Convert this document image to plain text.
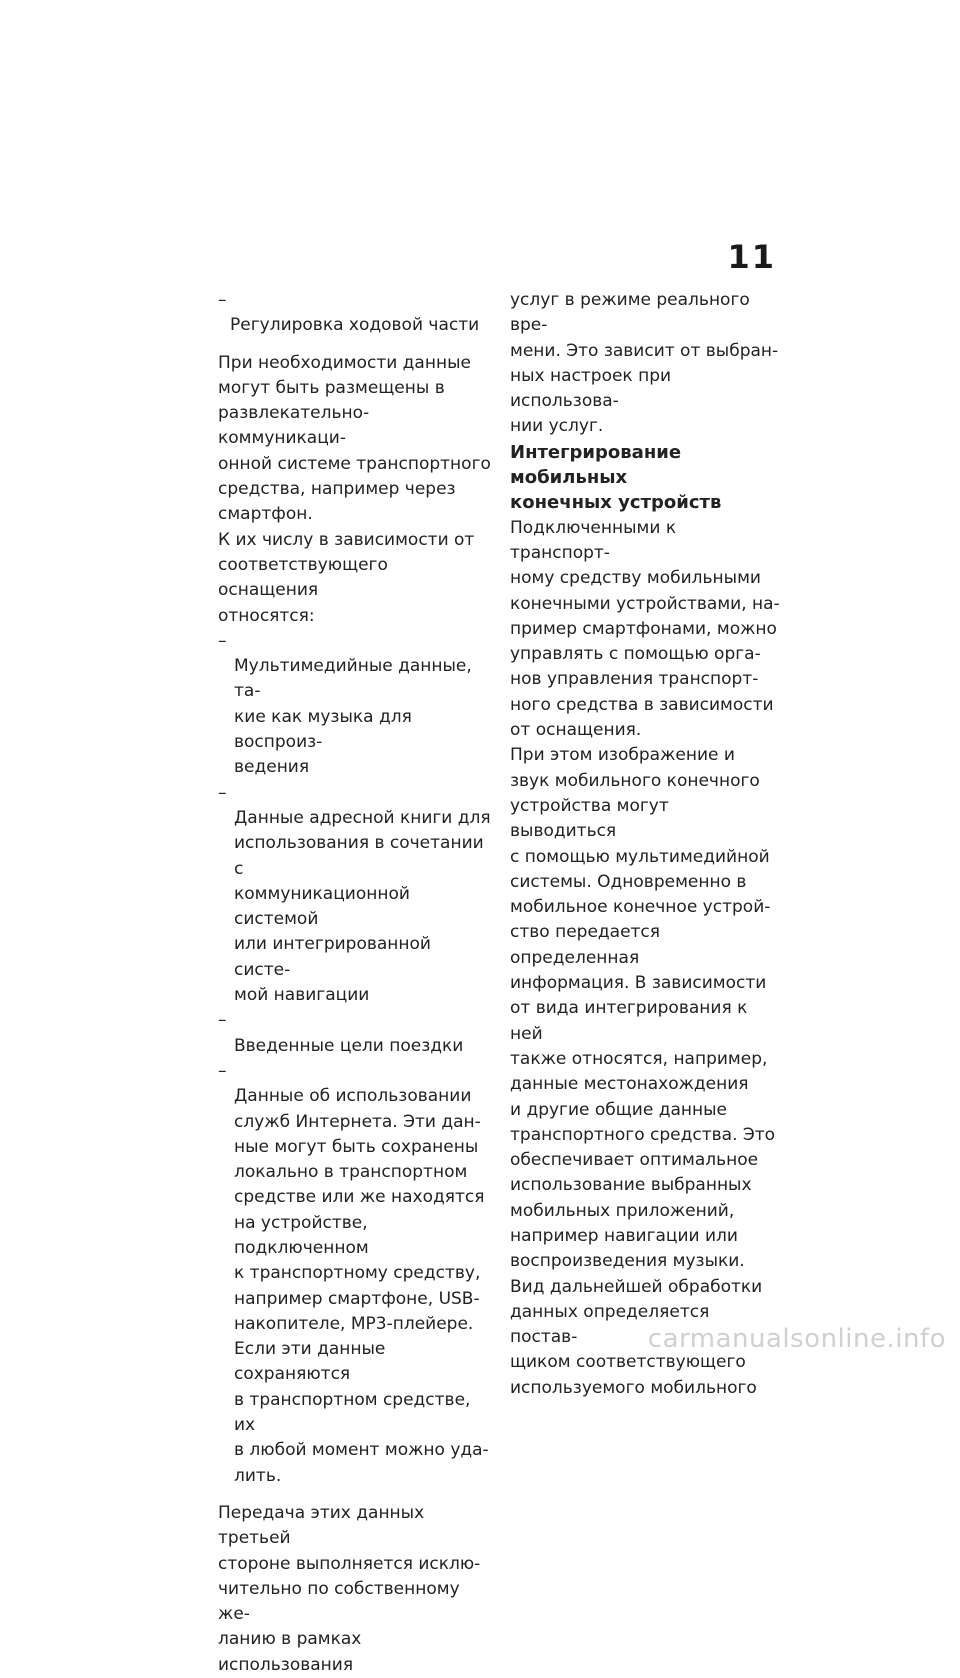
11

–
Регулировка ходовой части

При необходимости данные
могут быть размещены в
развлекательно-коммуникаци-
онной системе транспортного
средства, например через
смартфон.

К их числу в зависимости от
соответствующего оснащения
относятся:

–
Мультимедийные данные, та-
кие как музыка для воспроиз-
ведения

–
Данные адресной книги для
использования в сочетании с
коммуникационной системой
или интегрированной систе-
мой навигации

–
Введенные цели поездки

–
Данные об использовании
служб Интернета. Эти дан-
ные могут быть сохранены
локально в транспортном
средстве или же находятся
на устройстве, подключенном
к транспортному средству,
например смартфоне, USB-
накопителе, MP3-плейере.
Если эти данные сохраняются
в транспортном средстве, их
в любой момент можно уда-
лить.

Передача этих данных третьей
стороне выполняется исклю-
чительно по собственному же-
ланию в рамках использования

услуг в режиме реального вре-
мени. Это зависит от выбран-
ных настроек при использова-
нии услуг.

Интегрирование мобильных
конечных устройств

Подключенными к транспорт-
ному средству мобильными
конечными устройствами, на-
пример смартфонами, можно
управлять с помощью орга-
нов управления транспорт-
ного средства в зависимости
от оснащения.

При этом изображение и
звук мобильного конечного
устройства могут выводиться
с помощью мультимедийной
системы. Одновременно в
мобильное конечное устрой-
ство передается определенная
информация. В зависимости
от вида интегрирования к ней
также относятся, например,
данные местонахождения
и другие общие данные
транспортного средства. Это
обеспечивает оптимальное
использование выбранных
мобильных приложений,
например навигации или
воспроизведения музыки.

Вид дальнейшей обработки
данных определяется постав-
щиком соответствующего
используемого мобильного

carmanualsonline.info
